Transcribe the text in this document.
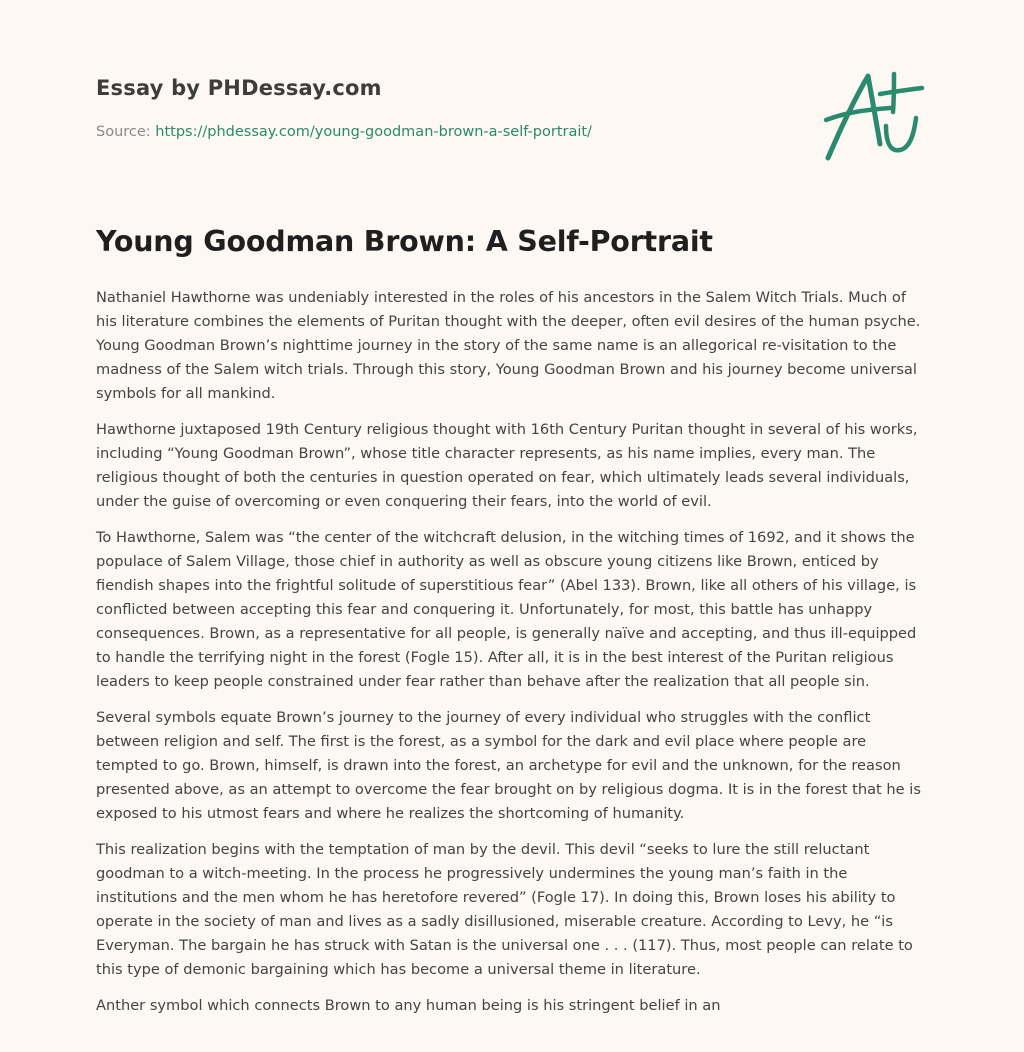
Essay by PHDessay.com
Source: https://phdessay.com/young-goodman-brown-a-self-portrait/
Young Goodman Brown: A Self-Portrait

Nathaniel Hawthorne was undeniably interested in the roles of his ancestors in the Salem Witch Trials. Much of his literature combines the elements of Puritan thought with the deeper, often evil desires of the human psyche. Young Goodman Brown’s nighttime journey in the story of the same name is an allegorical re-visitation to the madness of the Salem witch trials. Through this story, Young Goodman Brown and his journey become universal symbols for all mankind.

Hawthorne juxtaposed 19th Century religious thought with 16th Century Puritan thought in several of his works, including “Young Goodman Brown”, whose title character represents, as his name implies, every man. The religious thought of both the centuries in question operated on fear, which ultimately leads several individuals, under the guise of overcoming or even conquering their fears, into the world of evil.

To Hawthorne, Salem was “the center of the witchcraft delusion, in the witching times of 1692, and it shows the populace of Salem Village, those chief in authority as well as obscure young citizens like Brown, enticed by fiendish shapes into the frightful solitude of superstitious fear” (Abel 133). Brown, like all others of his village, is conflicted between accepting this fear and conquering it. Unfortunately, for most, this battle has unhappy consequences. Brown, as a representative for all people, is generally naïve and accepting, and thus ill-equipped to handle the terrifying night in the forest (Fogle 15). After all, it is in the best interest of the Puritan religious leaders to keep people constrained under fear rather than behave after the realization that all people sin.

Several symbols equate Brown’s journey to the journey of every individual who struggles with the conflict between religion and self. The first is the forest, as a symbol for the dark and evil place where people are tempted to go. Brown, himself, is drawn into the forest, an archetype for evil and the unknown, for the reason presented above, as an attempt to overcome the fear brought on by religious dogma. It is in the forest that he is exposed to his utmost fears and where he realizes the shortcoming of humanity.

This realization begins with the temptation of man by the devil. This devil “seeks to lure the still reluctant goodman to a witch-meeting. In the process he progressively undermines the young man’s faith in the institutions and the men whom he has heretofore revered” (Fogle 17). In doing this, Brown loses his ability to operate in the society of man and lives as a sadly disillusioned, miserable creature. According to Levy, he “is Everyman. The bargain he has struck with Satan is the universal one . . . (117). Thus, most people can relate to this type of demonic bargaining which has become a universal theme in literature.

Anther symbol which connects Brown to any human being is his stringent belief in an
